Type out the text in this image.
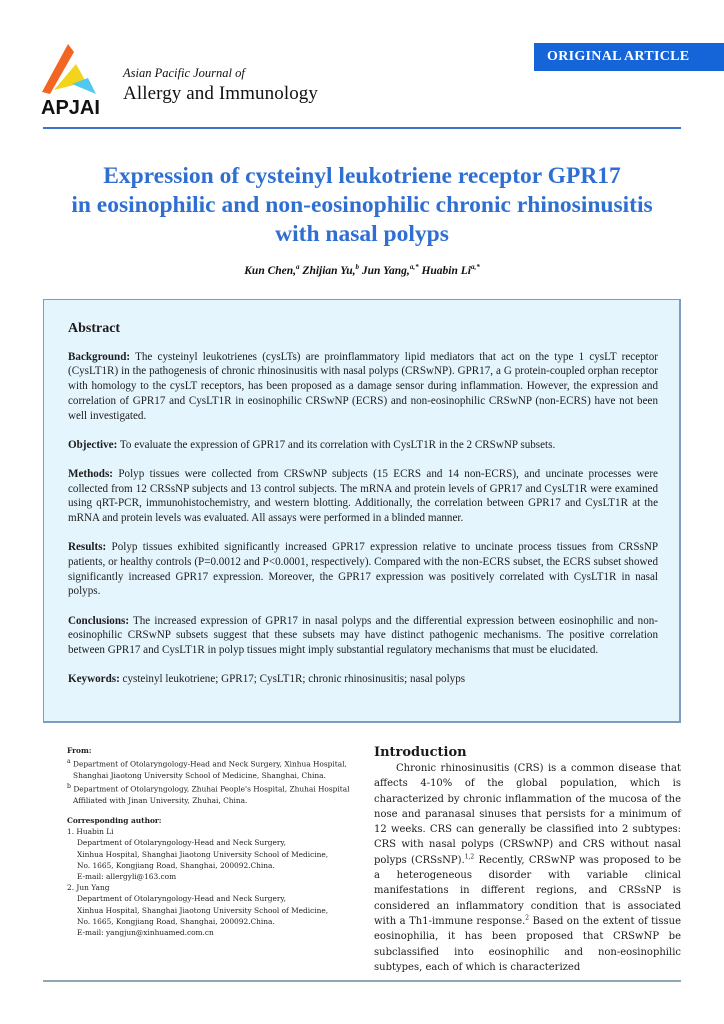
APJAI
Asian Pacific Journal of
Allergy and Immunology
ORIGINAL ARTICLE
Expression of cysteinyl leukotriene receptor GPR17
in eosinophilic and non-eosinophilic chronic rhinosinusitis
with nasal polyps
Kun Chen,$^a$ Zhijian Yu,$^b$ Jun Yang,$^{a,*}$ Huabin $Li^{a,*}$
Abstract

Background: The cysteinyl leukotrienes (cysLTs) are proinflammatory lipid mediators that act on the type 1 cysLT receptor (CysLT1R) in the pathogenesis of chronic rhinosinusitis with nasal polyps (CRSwNP). GPR17, a G protein-coupled orphan receptor with homology to the cysLT receptors, has been proposed as a damage sensor during inflammation. However, the expression and correlation of GPR17 and CysLT1R in eosinophilic CRSwNP (ECRS) and non-eosinophilic CRSwNP (non-ECRS) have not been well investigated.

Objective: To evaluate the expression of GPR17 and its correlation with CysLT1R in the 2 CRSwNP subsets.

Methods: Polyp tissues were collected from CRSwNP subjects (15 ECRS and 14 non-ECRS), and uncinate processes were collected from 12 CRSsNP subjects and 13 control subjects. The mRNA and protein levels of GPR17 and CysLT1R were examined using qRT-PCR, immunohistochemistry, and western blotting. Additionally, the correlation between GPR17 and CysLT1R at the mRNA and protein levels was evaluated. All assays were performed in a blinded manner.

Results: Polyp tissues exhibited significantly increased GPR17 expression relative to uncinate process tissues from CRSsNP patients, or healthy controls (P=0.0012 and P<0.0001, respectively). Compared with the non-ECRS subset, the ECRS subset showed significantly increased GPR17 expression. Moreover, the GPR17 expression was positively correlated with CysLT1R in nasal polyps.

Conclusions: The increased expression of GPR17 in nasal polyps and the differential expression between eosinophilic and non-eosinophilic CRSwNP subsets suggest that these subsets may have distinct pathogenic mechanisms. The positive correlation between GPR17 and CysLT1R in polyp tissues might imply substantial regulatory mechanisms that must be elucidated.

Keywords: cysteinyl leukotriene; GPR17; CysLT1R; chronic rhinosinusitis; nasal polyps

From:
$^a$ Department of Otolaryngology-Head and Neck Surgery, Xinhua Hospital, Shanghai Jiaotong University School of Medicine, Shanghai, China.
$^b$ Department of Otolaryngology, Zhuhai People's Hospital, Zhuhai Hospital Affiliated with Jinan University, Zhuhai, China.
Corresponding author:
1. Huabin Li
Department of Otolaryngology-Head and Neck Surgery,
Xinhua Hospital, Shanghai Jiaotong University School of Medicine,
No. 1665, Kongjiang Road, Shanghai, 200092.China.
E-mail: allergyli@163.com
2. Jun Yang
Department of Otolaryngology-Head and Neck Surgery,
Xinhua Hospital, Shanghai Jiaotong University School of Medicine,
No. 1665, Kongjiang Road, Shanghai, 200092.China.
E-mail: yangjun@xinhuamed.com.cn
Introduction

Chronic rhinosinusitis (CRS) is a common disease that affects 4-10% of the global population, which is characterized by chronic inflammation of the mucosa of the nose and paranasal sinuses that persists for a minimum of 12 weeks. CRS can generally be classified into 2 subtypes: CRS with nasal polyps (CRSwNP) and CRS without nasal polyps (CRSsNP).$^{1,2}$ Recently, CRSwNP was proposed to be a heterogeneous disorder with variable clinical manifestations in different regions, and CRSsNP is considered an inflammatory condition that is associated with a Th1-immune response.$^2$ Based on the extent of tissue eosinophilia, it has been proposed that CRSwNP be subclassified into eosinophilic and non-eosinophilic subtypes, each of which is characterized
